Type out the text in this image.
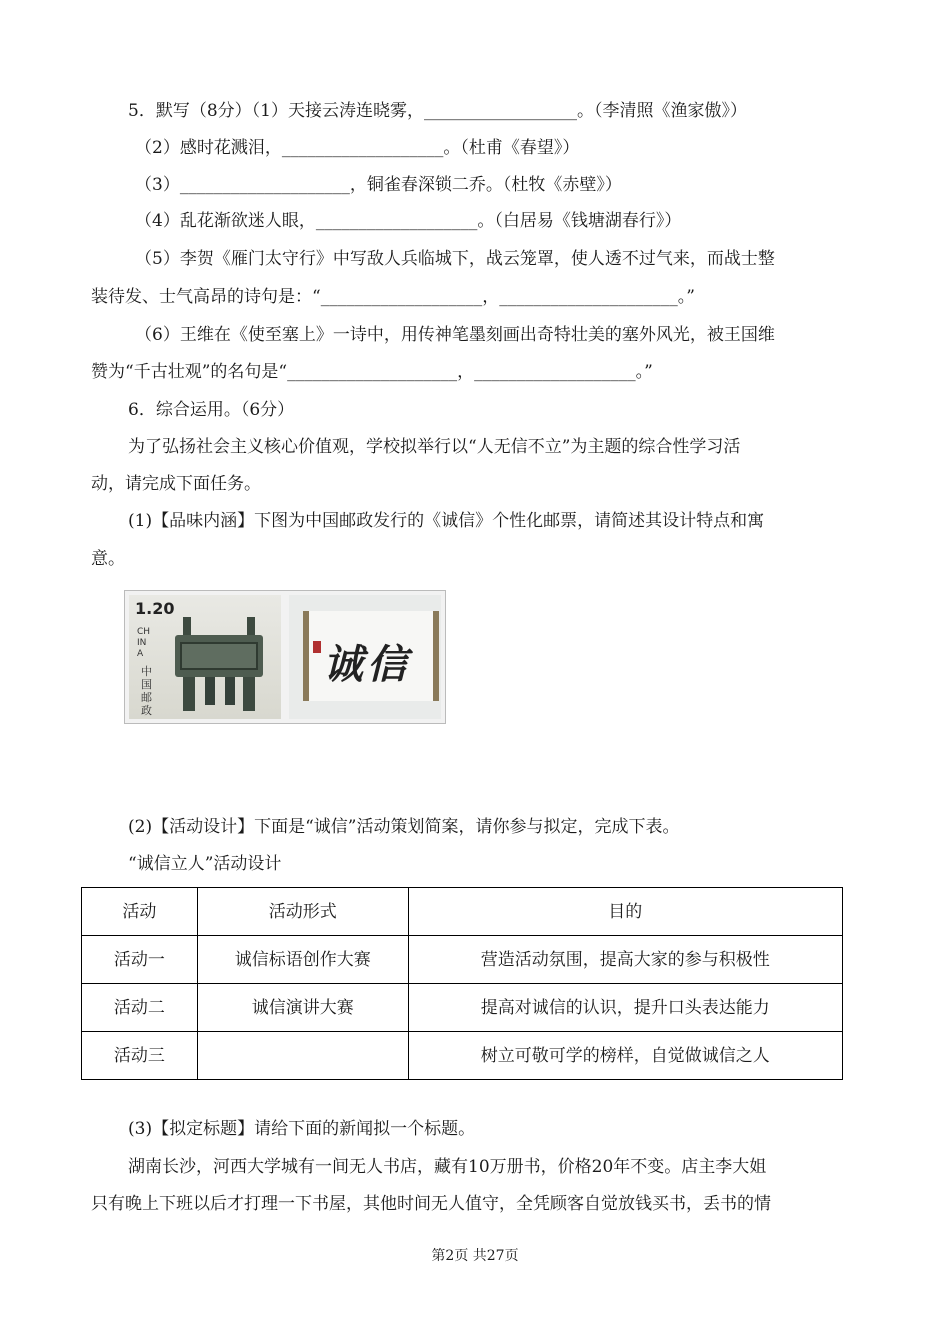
5．默写（8分）（1）天接云涛连晓雾，__________________。（李清照《渔家傲》）
（2）感时花溅泪，___________________。（杜甫《春望》）
（3）____________________，铜雀春深锁二乔。（杜牧《赤壁》）
（4）乱花渐欲迷人眼，___________________。（白居易《钱塘湖春行》）
（5）李贺《雁门太守行》中写敌人兵临城下，战云笼罩，使人透不过气来，而战士整
装待发、士气高昂的诗句是：“___________________，_____________________。”
（6）王维在《使至塞上》一诗中，用传神笔墨刻画出奇特壮美的塞外风光，被王国维
赞为“千古壮观”的名句是“____________________，___________________。”
6．综合运用。（6分）
为了弘扬社会主义核心价值观，学校拟举行以“人无信不立”为主题的综合性学习活
动，请完成下面任务。
(1)【品味内涵】下图为中国邮政发行的《诚信》个性化邮票，请简述其设计特点和寓
意。
1.20
CHINA
中国邮政
诚信
(2)【活动设计】下面是“诚信”活动策划简案，请你参与拟定，完成下表。
“诚信立人”活动设计
活动	活动形式	目的
活动一	诚信标语创作大赛	营造活动氛围，提高大家的参与积极性
活动二	诚信演讲大赛	提高对诚信的认识，提升口头表达能力
活动三		树立可敬可学的榜样，自觉做诚信之人
(3)【拟定标题】请给下面的新闻拟一个标题。
湖南长沙，河西大学城有一间无人书店，藏有10万册书，价格20年不变。店主李大姐
只有晚上下班以后才打理一下书屋，其他时间无人值守，全凭顾客自觉放钱买书，丢书的情
第2页 共27页
